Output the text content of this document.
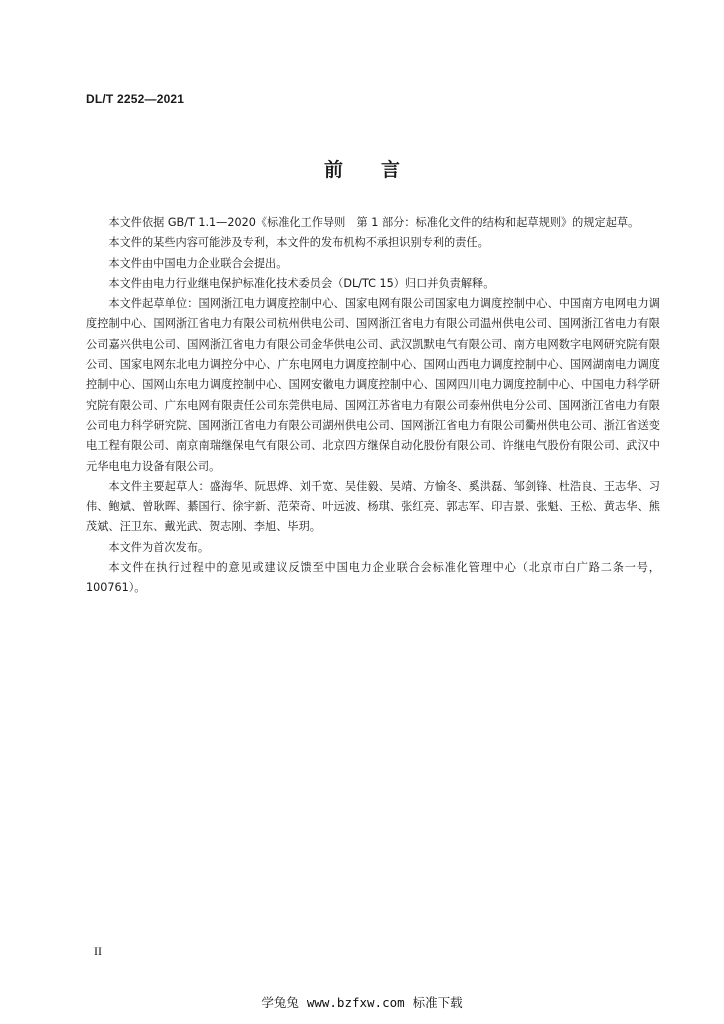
DL/T 2252—2021
前 言

本文件依据 GB/T 1.1—2020《标准化工作导则　第 1 部分：标准化文件的结构和起草规则》的规定起草。

本文件的某些内容可能涉及专利，本文件的发布机构不承担识别专利的责任。

本文件由中国电力企业联合会提出。

本文件由电力行业继电保护标准化技术委员会（DL/TC 15）归口并负责解释。

本文件起草单位：国网浙江电力调度控制中心、国家电网有限公司国家电力调度控制中心、中国南方电网电力调度控制中心、国网浙江省电力有限公司杭州供电公司、国网浙江省电力有限公司温州供电公司、国网浙江省电力有限公司嘉兴供电公司、国网浙江省电力有限公司金华供电公司、武汉凯默电气有限公司、南方电网数字电网研究院有限公司、国家电网东北电力调控分中心、广东电网电力调度控制中心、国网山西电力调度控制中心、国网湖南电力调度控制中心、国网山东电力调度控制中心、国网安徽电力调度控制中心、国网四川电力调度控制中心、中国电力科学研究院有限公司、广东电网有限责任公司东莞供电局、国网江苏省电力有限公司泰州供电分公司、国网浙江省电力有限公司电力科学研究院、国网浙江省电力有限公司湖州供电公司、国网浙江省电力有限公司衢州供电公司、浙江省送变电工程有限公司、南京南瑞继保电气有限公司、北京四方继保自动化股份有限公司、许继电气股份有限公司、武汉中元华电电力设备有限公司。

本文件主要起草人：盛海华、阮思烨、刘千宽、吴佳毅、吴靖、方愉冬、奚洪磊、邹剑锋、杜浩良、王志华、习伟、鲍斌、曾耿晖、綦国行、徐宇新、范荣奇、叶远波、杨琪、张红亮、郭志军、印吉景、张魁、王松、黄志华、熊茂斌、汪卫东、戴光武、贺志刚、李旭、毕玥。

本文件为首次发布。

本文件在执行过程中的意见或建议反馈至中国电力企业联合会标准化管理中心（北京市白广路二条一号，100761）。

II
学兔兔 www.bzfxw.com 标准下载
